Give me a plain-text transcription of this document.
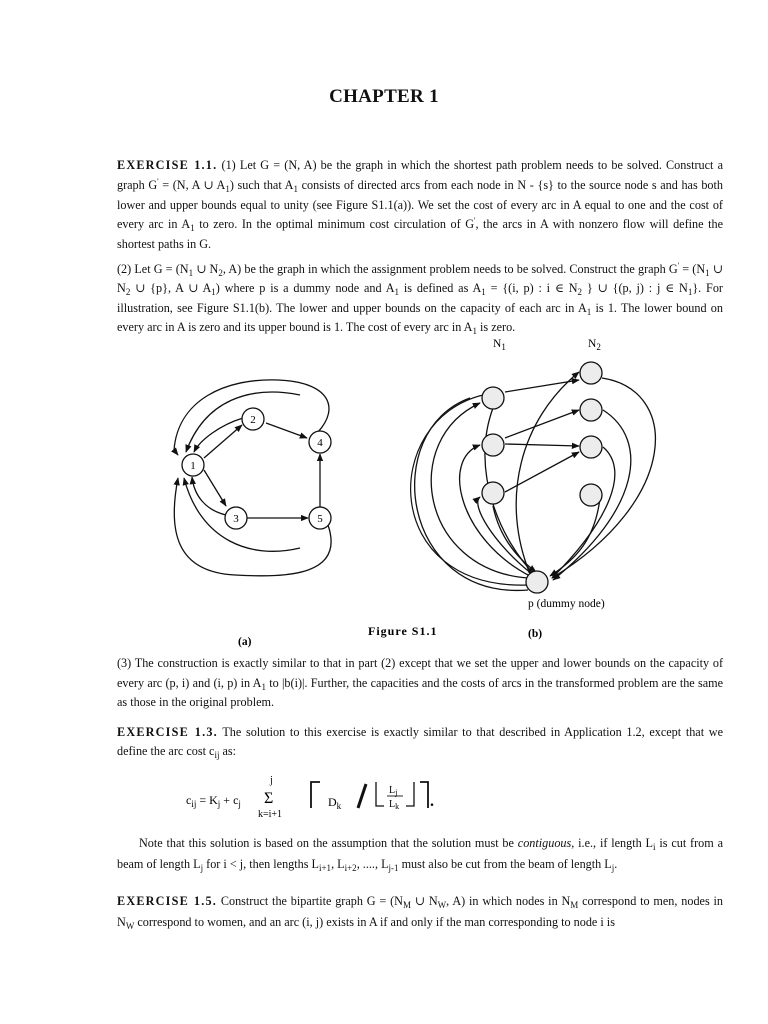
CHAPTER 1
EXERCISE 1.1. (1) Let G = (N, A) be the graph in which the shortest path problem needs to be solved. Construct a graph G' = (N, A ∪ $A_1$) such that $A_1$ consists of directed arcs from each node in N - {s} to the source node s and has both lower and upper bounds equal to unity (see Figure S1.1(a)). We set the cost of every arc in A equal to one and the cost of every arc in $A_1$ to zero. In the optimal minimum cost circulation of G', the arcs in A with nonzero flow will define the shortest paths in G.
(2) Let $G = (N_1$ ∪ $N_2$, A) be the graph in which the assignment problem needs to be solved. Construct the graph $G' = (N_1$ ∪ $N_2$ ∪ {p}, A ∪ $A_1$) where p is a dummy node and $A_1$ is defined as $A_1 = \{(i$, p) : i ∈ $N_2$ } ∪ {(p, j) : j ∈ $N_1$}. For illustration, see Figure S1.1(b). The lower and upper bounds on the capacity of each arc in $A_1$ is 1. The lower bound on every arc in A is zero and its upper bound is 1. The cost of every arc in $A_1$ is zero.
1
2
3
4
5
(a)
$N_1$	$N_2$
p (dummy node)
Figure S1.1	(b)
(3) The construction is exactly similar to that in part (2) except that we set the upper and lower bounds on the capacity of every arc (p, i) and (i, p) in $A_1$ to |b(i)|. Further, the capacities and the costs of arcs in the transformed problem are the same as those in the original problem.
EXERCISE 1.3. The solution to this exercise is exactly similar to that described in Application 1.2, except that we define the arc cost $c_{ij}$ as:
$c_{ij} = K_j + c_j$
j
Σ
k=i+1
$D_k$
$L_j$
$L_k$ .
Note that this solution is based on the assumption that the solution must be contiguous, i.e., if length $L_i$ is cut from a beam of length $L_j$ for i < j, then lengths $L_{i+1}$, $L_{i+2}$, ...., $L_{j-1}$ must also be cut from the beam of length $L_j$.
EXERCISE 1.5. Construct the bipartite graph $G = (N_M$ ∪ $N_W$, A) in which nodes in $N_M$ correspond to men, nodes in $N_W$ correspond to women, and an arc (i, j) exists in A if and only if the man corresponding to node i is
